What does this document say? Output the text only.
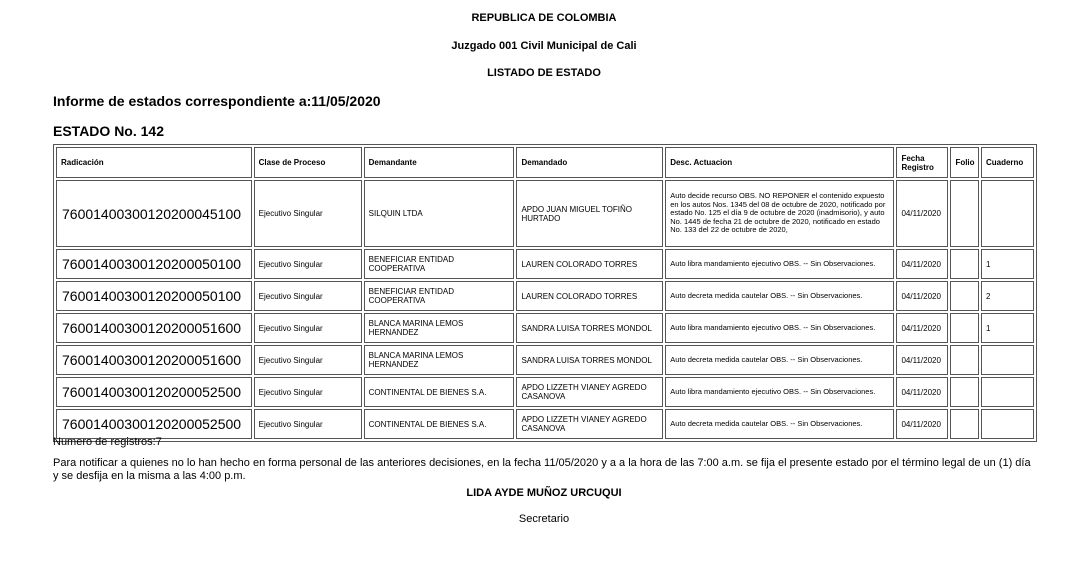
REPUBLICA DE COLOMBIA
Juzgado 001 Civil Municipal de Cali
LISTADO DE ESTADO
Informe de estados correspondiente a:11/05/2020
ESTADO No. 142
Radicación	Clase de Proceso	Demandante	Demandado	Desc. Actuacion	Fecha Registro	Folio	Cuaderno
76001400300120200045100	Ejecutivo Singular	SILQUIN LTDA	APDO JUAN MIGUEL TOFIÑO HURTADO	Auto decide recurso OBS. NO REPONER el contenido expuesto en los autos Nos. 1345 del 08 de octubre de 2020, notificado por estado No. 125 el día 9 de octubre de 2020 (inadmisorio), y auto No. 1445 de fecha 21 de octubre de 2020, notificado en estado No. 133 del 22 de octubre de 2020,	04/11/2020		
76001400300120200050100	Ejecutivo Singular	BENEFICIAR ENTIDAD COOPERATIVA	LAUREN COLORADO TORRES	Auto libra mandamiento ejecutivo OBS. -- Sin Observaciones.	04/11/2020		1
76001400300120200050100	Ejecutivo Singular	BENEFICIAR ENTIDAD COOPERATIVA	LAUREN COLORADO TORRES	Auto decreta medida cautelar OBS. -- Sin Observaciones.	04/11/2020		2
76001400300120200051600	Ejecutivo Singular	BLANCA MARINA LEMOS HERNANDEZ	SANDRA LUISA TORRES MONDOL	Auto libra mandamiento ejecutivo OBS. -- Sin Observaciones.	04/11/2020		1
76001400300120200051600	Ejecutivo Singular	BLANCA MARINA LEMOS HERNANDEZ	SANDRA LUISA TORRES MONDOL	Auto decreta medida cautelar OBS. -- Sin Observaciones.	04/11/2020		
76001400300120200052500	Ejecutivo Singular	CONTINENTAL DE BIENES S.A.	APDO LIZZETH VIANEY AGREDO CASANOVA	Auto libra mandamiento ejecutivo OBS. -- Sin Observaciones.	04/11/2020		
76001400300120200052500	Ejecutivo Singular	CONTINENTAL DE BIENES S.A.	APDO LIZZETH VIANEY AGREDO CASANOVA	Auto decreta medida cautelar OBS. -- Sin Observaciones.	04/11/2020		
Numero de registros:7
Para notificar a quienes no lo han hecho en forma personal de las anteriores decisiones, en la fecha 11/05/2020 y a a la hora de las 7:00 a.m. se fija el presente estado por el término legal de un (1) día y se desfija en la misma a las 4:00 p.m.
LIDA AYDE MUÑOZ URCUQUI
Secretario
